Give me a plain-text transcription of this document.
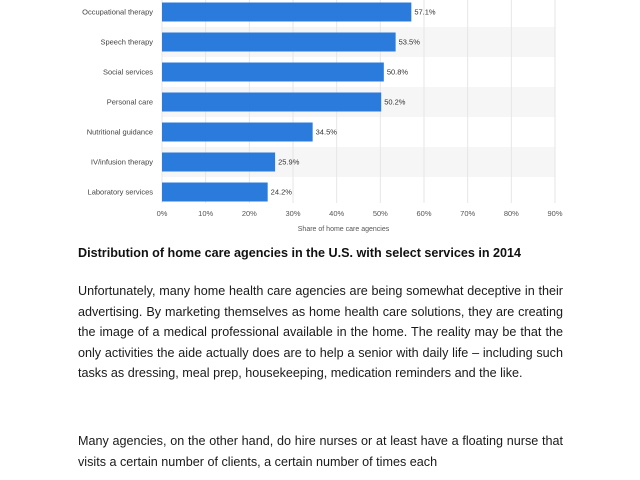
0%	10%	20%	30%	40%	50%	60%	70%	80%	90%
Occupational therapy	57.1%
Speech therapy	53.5%
Social services	50.8%
Personal care	50.2%
Nutritional guidance	34.5%
IV/infusion therapy	25.9%
Laboratory services	24.2%
Share of home care agencies

Distribution of home care agencies in the U.S. with select services in 2014

Unfortunately, many home health care agencies are being somewhat deceptive in their advertising. By marketing themselves as home health care solutions, they are creating the image of a medical professional available in the home. The reality may be that the only activities the aide actually does are to help a senior with daily life – including such tasks as dressing, meal prep, housekeeping, medication reminders and the like.

Many agencies, on the other hand, do hire nurses or at least have a floating nurse that visits a certain number of clients, a certain number of times each
